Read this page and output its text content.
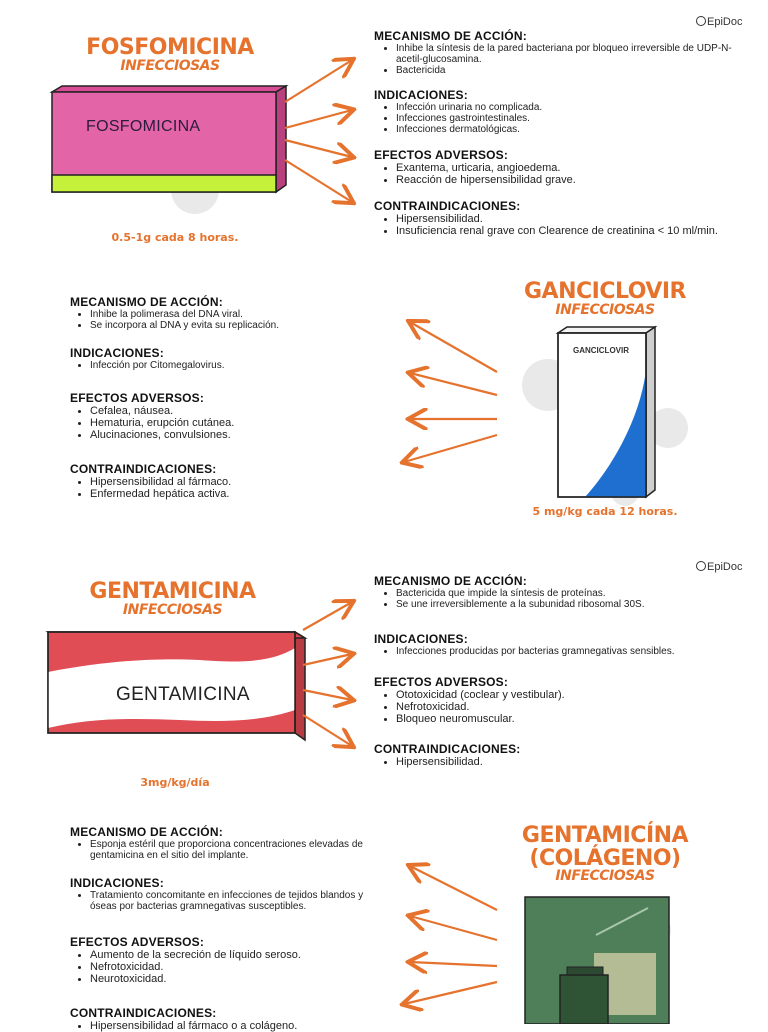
EpiDoc
EpiDoc
FOSFOMICINA
INFECCIOSAS
FOSFOMICINA
0.5-1g cada 8 horas.
MECANISMO DE ACCIÓN:
• Inhibe la síntesis de la pared bacteriana por bloqueo irreversible de UDP-N-acetil-glucosamina.
• Bactericida
INDICACIONES:
• Infección urinaria no complicada.
• Infecciones gastrointestinales.
• Infecciones dermatológicas.
EFECTOS ADVERSOS:
• Exantema, urticaria, angioedema.
• Reacción de hipersensibilidad grave.
CONTRAINDICACIONES:
• Hipersensibilidad.
• Insuficiencia renal grave con Clearence de creatinina < 10 ml/min.
GANCICLOVIR
INFECCIOSAS
GANCICLOVIR
5 mg/kg cada 12 horas.
MECANISMO DE ACCIÓN:
• Inhibe la polimerasa del DNA viral.
• Se incorpora al DNA y evita su replicación.
INDICACIONES:
• Infección por Citomegalovirus.
EFECTOS ADVERSOS:
• Cefalea, náusea.
• Hematuria, erupción cutánea.
• Alucinaciones, convulsiones.
CONTRAINDICACIONES:
• Hipersensibilidad al fármaco.
• Enfermedad hepática activa.
GENTAMICINA
INFECCIOSAS
GENTAMICINA
3mg/kg/día
MECANISMO DE ACCIÓN:
• Bactericida que impide la síntesis de proteínas.
• Se une irreversiblemente a la subunidad ribosomal 30S.
INDICACIONES:
• Infecciones producidas por bacterias gramnegativas sensibles.
EFECTOS ADVERSOS:
• Ototoxicidad (coclear y vestibular).
• Nefrotoxicidad.
• Bloqueo neuromuscular.
CONTRAINDICACIONES:
• Hipersensibilidad.
GENTAMICÍNA
(COLÁGENO)
INFECCIOSAS
MECANISMO DE ACCIÓN:
• Esponja estéril que proporciona concentraciones elevadas de gentamicina en el sitio del implante.
INDICACIONES:
• Tratamiento concomitante en infecciones de tejidos blandos y óseas por bacterias gramnegativas susceptibles.
EFECTOS ADVERSOS:
• Aumento de la secreción de líquido seroso.
• Nefrotoxicidad.
• Neurotoxicidad.
CONTRAINDICACIONES:
• Hipersensibilidad al fármaco o a colágeno.
